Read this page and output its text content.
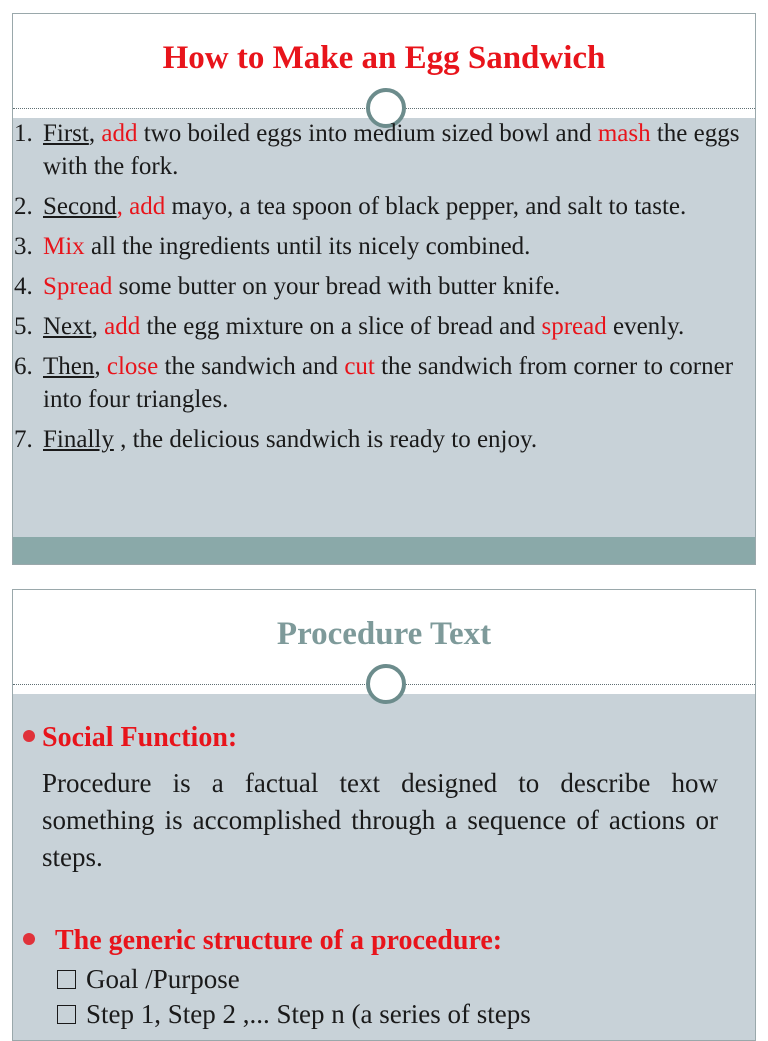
How to Make an Egg Sandwich
1. First, add two boiled eggs into medium sized bowl and mash the eggs with the fork.
2. Second, add mayo, a tea spoon of black pepper, and salt to taste.
3. Mix all the ingredients until its nicely combined.
4. Spread some butter on your bread with butter knife.
5. Next, add the egg mixture on a slice of bread and spread evenly.
6. Then, close the sandwich and cut the sandwich from corner to corner into four triangles.
7. Finally , the delicious sandwich is ready to enjoy.
Procedure Text
Social Function:
Procedure is a factual text designed to describe how something is accomplished through a sequence of actions or steps.
The generic structure of a procedure:
Goal /Purpose
Step 1, Step 2 ,... Step n (a series of steps
